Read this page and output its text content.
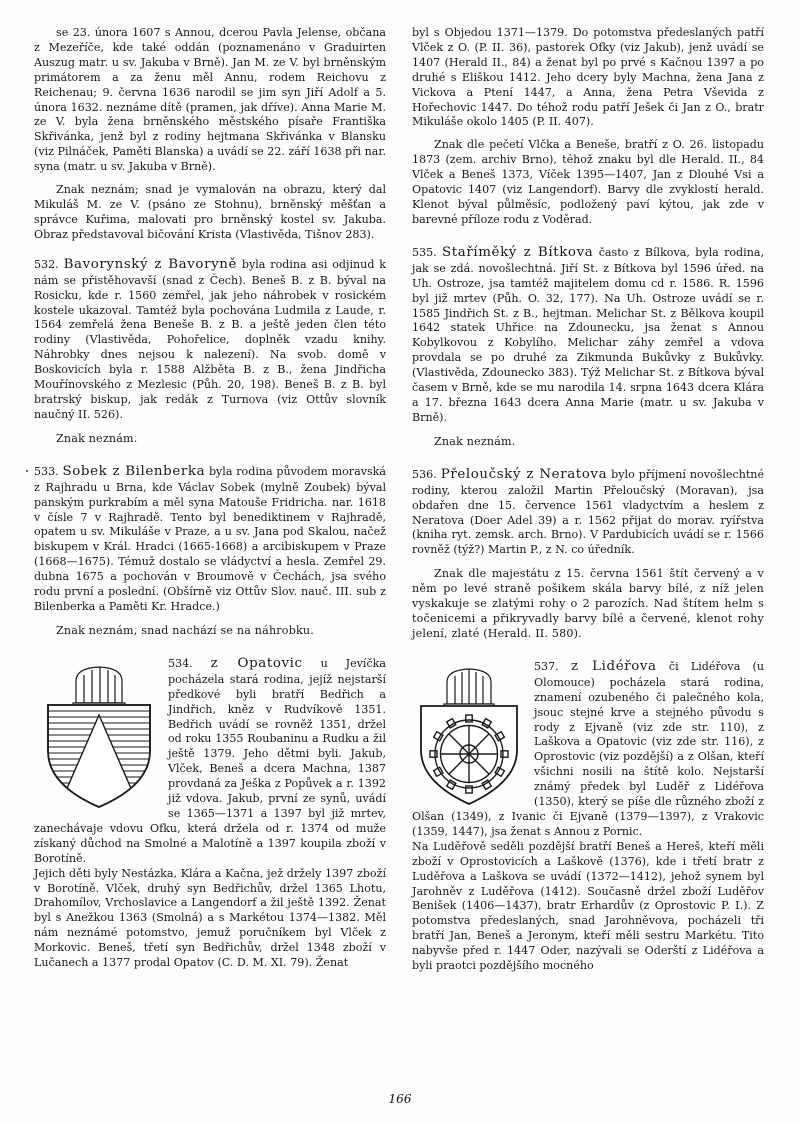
se 23. února 1607 s Annou, dcerou Pavla Jelense, občana z Mezeříče, kde také oddán (poznamenáno v Graduirten Auszug matr. u sv. Jakuba v Brně). Jan M. ze V. byl brněnským primátorem a za ženu měl Annu, rodem Reichovu z Reichenau; 9. června 1636 narodil se jim syn Jiří Adolf a 5. února 1632. neznáme dítě (pramen, jak dříve). Anna Marie M. ze V. byla žena brněnského městského písaře Františka Skřivánka, jenž byl z rodiny hejtmana Skřivánka v Blansku (viz Pilnáček, Paměti Blanska) a uvádí se 22. září 1638 při nar. syna (matr. u sv. Jakuba v Brně).

Znak neznám; snad je vymalován na obrazu, který dal Mikuláš M. ze V. (psáno ze Stohnu), brněnský měšťan a správce Kuřima, malovati pro brněnský kostel sv. Jakuba. Obraz představoval bičování Krista (Vlastivěda, Tišnov 283).

532. Bavorynský z Bavoryně byla rodina asi odjinud k nám se přistěhovavší (snad z Čech). Beneš B. z B. býval na Rosicku, kde r. 1560 zemřel, jak jeho náhrobek v rosickém kostele ukazoval. Tamtéž byla pochována Ludmila z Laude, r. 1564 zemřelá žena Beneše B. z B. a ještě jeden člen této rodiny (Vlastivěda, Pohořelice, doplněk vzadu knihy. Náhrobky dnes nejsou k nalezení). Na svob. domě v Boskovicích byla r. 1588 Alžběta B. z B., žena Jindřicha Mouřínovského z Mezlesic (Půh. 20, 198). Beneš B. z B. byl bratrský biskup, jak redák z Turnova (viz Ottův slovník naučný II. 526).

Znak neznám.

533. Sobek z Bilenberka byla rodina původem moravská z Rajhradu u Brna, kde Václav Sobek (mylně Zoubek) býval panským purkrabím a měl syna Matouše Fridricha. nar. 1618 v čísle 7 v Rajhradě. Tento byl benediktinem v Rajhradě, opatem u sv. Mikuláše v Praze, a u sv. Jana pod Skalou, načež biskupem v Král. Hradci (1665-1668) a arcibiskupem v Praze (1668—1675). Témuž dostalo se vládyctví a hesla. Zemřel 29. dubna 1675 a pochován v Broumově v Čechách, jsa svého rodu první a poslední. (Obšírně viz Ottův Slov. nauč. III. sub z Bilenberka a Paměti Kr. Hradce.)

Znak neznám, snad nachází se na náhrobku.

534. z Opatovic u Jevíčka pocházela stará rodina, jejíž nejstarší předkové byli bratří Bedřich a Jindřich, kněz v Rudvíkově 1351. Bedřich uvádí se rovněž 1351, držel od roku 1355 Roubaninu a Rudku a žil ještě 1379. Jeho dětmi byli. Jakub, Vlček, Beneš a dcera Machna, 1387 provdaná za Ješka z Popůvek a r. 1392 již vdova. Jakub, první ze synů, uvádí se 1365—1371 a 1397 byl již mrtev, zanechávaje vdovu Ofku, která držela od r. 1374 od muže získaný důchod na Smolné a Malotíně a 1397 koupila zboží v Borotíně.

Jejich děti byly Nestázka, Klára a Kačna, jež držely 1397 zboží v Borotíně. Vlček, druhý syn Bedřichův, držel 1365 Lhotu, Drahomílov, Vrchoslavice a Langendorf a žil ještě 1392. Ženat byl s Anežkou 1363 (Smolná) a s Markétou 1374—1382. Měl nám neznámé potomstvo, jemuž poručníkem byl Vlček z Morkovic. Beneš, třetí syn Bedřichův, držel 1348 zboží v Lučanech a 1377 prodal Opatov (C. D. M. XI. 79). Ženat

byl s Objedou 1371—1379. Do potomstva předeslaných patří Vlček z O. (P. II. 36), pastorek Ofky (viz Jakub), jenž uvádí se 1407 (Herald II., 84) a ženat byl po prvé s Kačnou 1397 a po druhé s Eliškou 1412. Jeho dcery byly Machna, žena Jana z Vickova a Ptení 1447, a Anna, žena Petra Vševida z Hořechovic 1447. Do téhož rodu patří Ješek či Jan z O., bratr Mikuláše okolo 1405 (P. II. 407).

Znak dle pečetí Vlčka a Beneše, bratří z O. 26. listopadu 1873 (zem. archiv Brno), téhož znaku byl dle Herald. II., 84 Vlček a Beneš 1373, Víček 1395—1407, Jan z Dlouhé Vsi a Opatovic 1407 (viz Langendorf). Barvy dle zvyklostí herald. Klenot býval půlměsíc, podložený paví kýtou, jak zde v barevné příloze rodu z Voděrad.

535. Staříměký z Bítkova často z Bílkova, byla rodina, jak se zdá. novošlechtná. Jiří St. z Bítkova byl 1596 úřed. na Uh. Ostroze, jsa tamtéž majitelem domu cd r. 1586. R. 1596 byl již mrtev (Půh. O. 32, 177). Na Uh. Ostroze uvádí se r. 1585 Jindřich St. z B., hejtman. Melichar St. z Bělkova koupil 1642 statek Uhřice na Zdounecku, jsa ženat s Annou Kobylkovou z Kobylího. Melichar záhy zemřel a vdova provdala se po druhé za Zikmunda Bukůvky z Bukůvky. (Vlastivěda, Zdounecko 383). Týž Melichar St. z Bítkova býval časem v Brně, kde se mu narodila 14. srpna 1643 dcera Klára a 17. března 1643 dcera Anna Marie (matr. u sv. Jakuba v Brně).

Znak neznám.

536. Přeloučský z Neratova bylo příjmení novošlechtné rodiny, kterou založil Martin Přeloučský (Moravan), jsa obdařen dne 15. července 1561 vladyctvím a heslem z Neratova (Doer Adel 39) a r. 1562 přijat do morav. ryířstva (kniha ryt. zemsk. arch. Brno). V Pardubicích uvádí se r. 1566 rovněž (týž?) Martin P., z N. co úředník.

Znak dle majestátu z 15. června 1561 štít červený a v něm po levé straně pošikem skála barvy bílé, z níž jelen vyskakuje se zlatými rohy o 2 parozích. Nad štítem helm s točenicemi a přikryvadly barvy bílé a červené, klenot rohy jelení, zlaté (Herald. II. 580).

537. z Lidéřova či Lidéřova (u Olomouce) pocházela stará rodina, znamení ozubeného či palečného kola, jsouc stejné krve a stejného původu s rody z Ejvaně (viz zde str. 110), z Laškova a Opatovic (viz zde str. 116), z Oprostovic (viz pozdější) a z Olšan, kteří všichni nosili na štítě kolo. Nejstarší známý předek byl Luděř z Lidéřova (1350), který se píše dle různého zboží z Olšan (1349), z Ivanic či Ejvaně (1379—1397), z Vrakovic (1359, 1447), jsa ženat s Annou z Pornic.

Na Luděřově seděli pozdější bratří Beneš a Hereš, kteří měli zboží v Oprostovicích a Laškově (1376), kde i třetí bratr z Luděřova a Laškova se uvádí (1372—1412), jehož synem byl Jarohněv z Luděřova (1412). Současně držel zboží Luděřov Benišek (1406—1437), bratr Erhardův (z Oprostovic P. I.). Z potomstva předeslaných, snad Jarohněvova, pocházeli tři bratří Jan, Beneš a Jeronym, kteří měli sestru Markétu. Tito nabyvše před r. 1447 Oder, nazývali se Oderští z Lidéřova a byli praotci pozdějšího mocného

166
